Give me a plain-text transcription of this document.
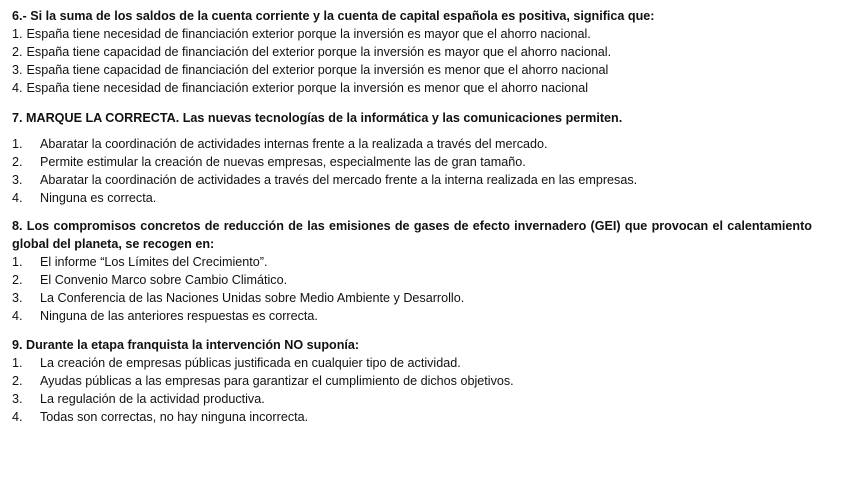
6.- Si la suma de los saldos de la cuenta corriente y la cuenta de capital española es positiva, significa que:

1. España tiene necesidad de financiación exterior porque la inversión es mayor que el ahorro nacional.
2. España tiene capacidad de financiación del exterior porque la inversión es mayor que el ahorro nacional.
3. España tiene capacidad de financiación del exterior porque la inversión es menor que el ahorro nacional
4. España tiene necesidad de financiación exterior porque la inversión es menor que el ahorro nacional

7. MARQUE LA CORRECTA. Las nuevas tecnologías de la informática y las comunicaciones permiten.

1. Abaratar la coordinación de actividades internas frente a la realizada a través del mercado.
2. Permite estimular la creación de nuevas empresas, especialmente las de gran tamaño.
3. Abaratar la coordinación de actividades a través del mercado frente a la interna realizada en las empresas.
4. Ninguna es correcta.

8. Los compromisos concretos de reducción de las emisiones de gases de efecto invernadero (GEI) que provocan el calentamiento global del planeta, se recogen en:

1. El informe “Los Límites del Crecimiento”.
2. El Convenio Marco sobre Cambio Climático.
3. La Conferencia de las Naciones Unidas sobre Medio Ambiente y Desarrollo.
4. Ninguna de las anteriores respuestas es correcta.

9. Durante la etapa franquista la intervención NO suponía:

1. La creación de empresas públicas justificada en cualquier tipo de actividad.
2. Ayudas públicas a las empresas para garantizar el cumplimiento de dichos objetivos.
3. La regulación de la actividad productiva.
4. Todas son correctas, no hay ninguna incorrecta.
